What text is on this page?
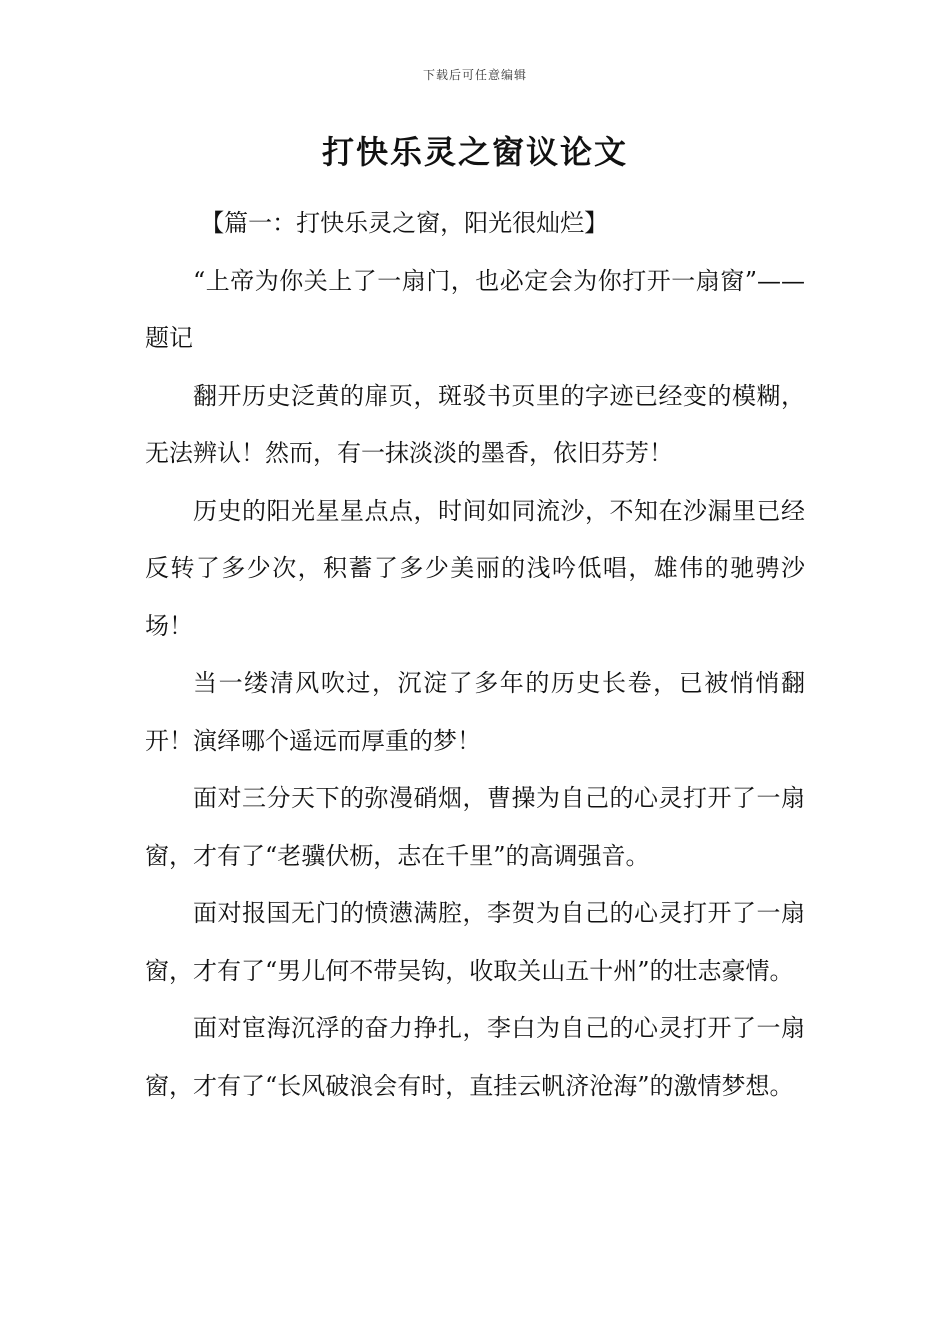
下载后可任意编辑
打快乐灵之窗议论文

【篇一：打快乐灵之窗，阳光很灿烂】

“上帝为你关上了一扇门，也必定会为你打开一扇窗”——题记

翻开历史泛黄的扉页，斑驳书页里的字迹已经变的模糊，无法辨认！然而，有一抹淡淡的墨香，依旧芬芳！

历史的阳光星星点点，时间如同流沙，不知在沙漏里已经反转了多少次，积蓄了多少美丽的浅吟低唱，雄伟的驰骋沙场！

当一缕清风吹过，沉淀了多年的历史长卷，已被悄悄翻开！演绎哪个遥远而厚重的梦！

面对三分天下的弥漫硝烟，曹操为自己的心灵打开了一扇窗，才有了“老骥伏枥，志在千里”的高调强音。

面对报国无门的愤懑满腔，李贺为自己的心灵打开了一扇窗，才有了“男儿何不带吴钩，收取关山五十州”的壮志豪情。

面对宦海沉浮的奋力挣扎，李白为自己的心灵打开了一扇窗，才有了“长风破浪会有时，直挂云帆济沧海”的激情梦想。
